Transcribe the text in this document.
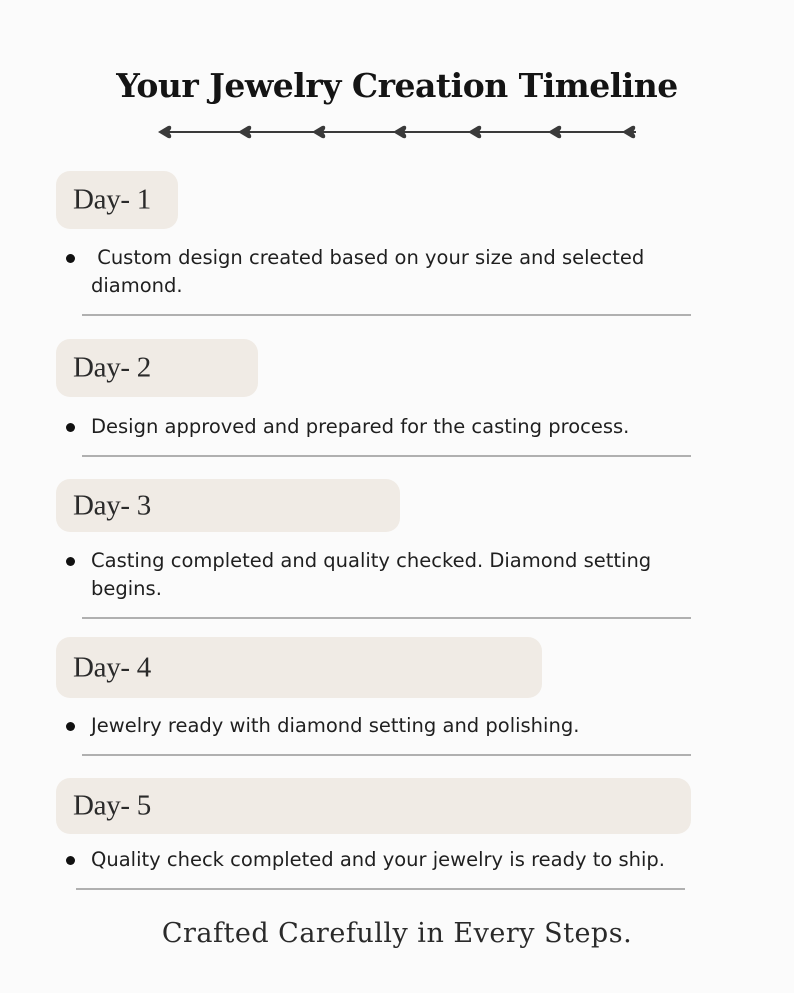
Your Jewelry Creation Timeline
Day- 1
Custom design created based on your size and selected diamond.
Day- 2
Design approved and prepared for the casting process.
Day- 3
Casting completed and quality checked. Diamond setting begins.
Day- 4
Jewelry ready with diamond setting and polishing.
Day- 5
Quality check completed and your jewelry is ready to ship.
Crafted Carefully in Every Steps.
